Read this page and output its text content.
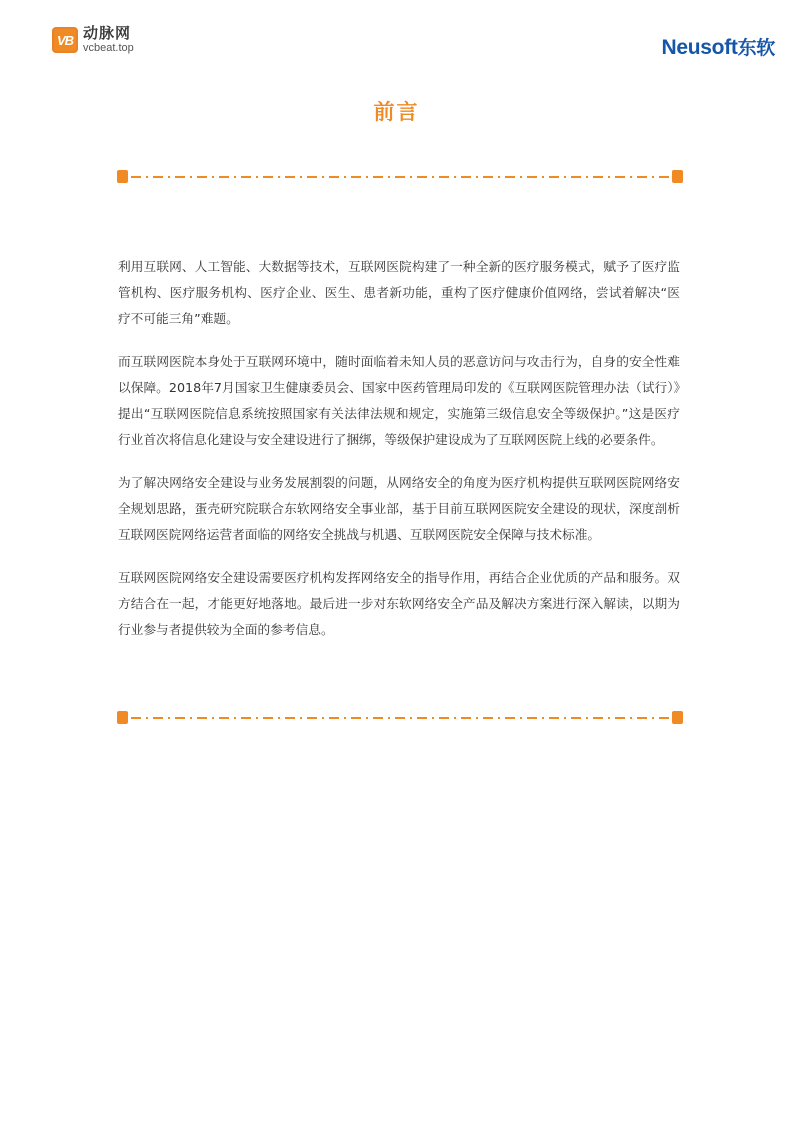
VB 动脉网
vcbeat.top	Neusoft东软
前言

利用互联网、人工智能、大数据等技术，互联网医院构建了一种全新的医疗服务模式，赋予了医疗监管机构、医疗服务机构、医疗企业、医生、患者新功能，重构了医疗健康价值网络，尝试着解决“医疗不可能三角”难题。

而互联网医院本身处于互联网环境中，随时面临着未知人员的恶意访问与攻击行为，自身的安全性难以保障。2018年7月国家卫生健康委员会、国家中医药管理局印发的《互联网医院管理办法（试行）》提出“互联网医院信息系统按照国家有关法律法规和规定，实施第三级信息安全等级保护。”这是医疗行业首次将信息化建设与安全建设进行了捆绑，等级保护建设成为了互联网医院上线的必要条件。

为了解决网络安全建设与业务发展割裂的问题，从网络安全的角度为医疗机构提供互联网医院网络安全规划思路，蛋壳研究院联合东软网络安全事业部，基于目前互联网医院安全建设的现状，深度剖析互联网医院网络运营者面临的网络安全挑战与机遇、互联网医院安全保障与技术标准。

互联网医院网络安全建设需要医疗机构发挥网络安全的指导作用，再结合企业优质的产品和服务。双方结合在一起，才能更好地落地。最后进一步对东软网络安全产品及解决方案进行深入解读，以期为行业参与者提供较为全面的参考信息。
